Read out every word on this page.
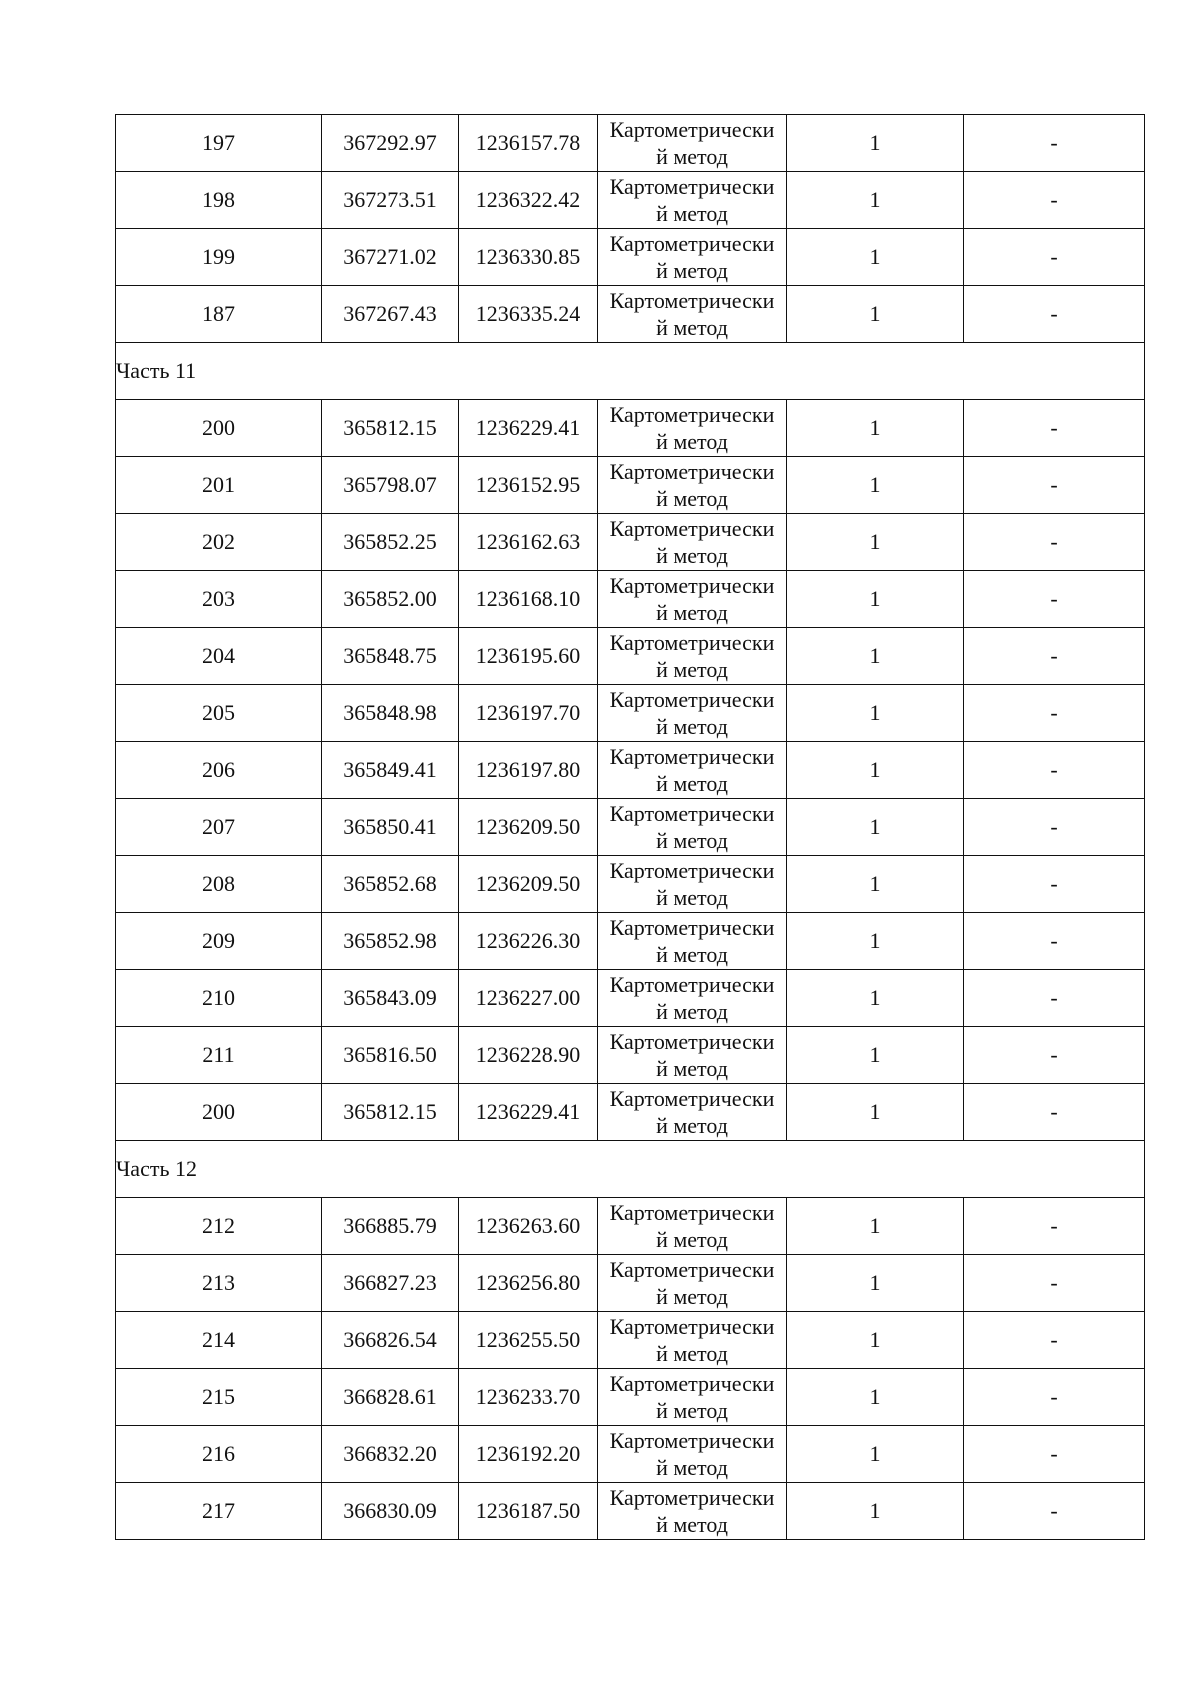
197	367292.97	1236157.78	Картометрически
й метод	1	-
198	367273.51	1236322.42	Картометрически
й метод	1	-
199	367271.02	1236330.85	Картометрически
й метод	1	-
187	367267.43	1236335.24	Картометрически
й метод	1	-
Часть 11					
200	365812.15	1236229.41	Картометрически
й метод	1	-
201	365798.07	1236152.95	Картометрически
й метод	1	-
202	365852.25	1236162.63	Картометрически
й метод	1	-
203	365852.00	1236168.10	Картометрически
й метод	1	-
204	365848.75	1236195.60	Картометрически
й метод	1	-
205	365848.98	1236197.70	Картометрически
й метод	1	-
206	365849.41	1236197.80	Картометрически
й метод	1	-
207	365850.41	1236209.50	Картометрически
й метод	1	-
208	365852.68	1236209.50	Картометрически
й метод	1	-
209	365852.98	1236226.30	Картометрически
й метод	1	-
210	365843.09	1236227.00	Картометрически
й метод	1	-
211	365816.50	1236228.90	Картометрически
й метод	1	-
200	365812.15	1236229.41	Картометрически
й метод	1	-
Часть 12					
212	366885.79	1236263.60	Картометрически
й метод	1	-
213	366827.23	1236256.80	Картометрически
й метод	1	-
214	366826.54	1236255.50	Картометрически
й метод	1	-
215	366828.61	1236233.70	Картометрически
й метод	1	-
216	366832.20	1236192.20	Картометрически
й метод	1	-
217	366830.09	1236187.50	Картометрически
й метод	1	-
